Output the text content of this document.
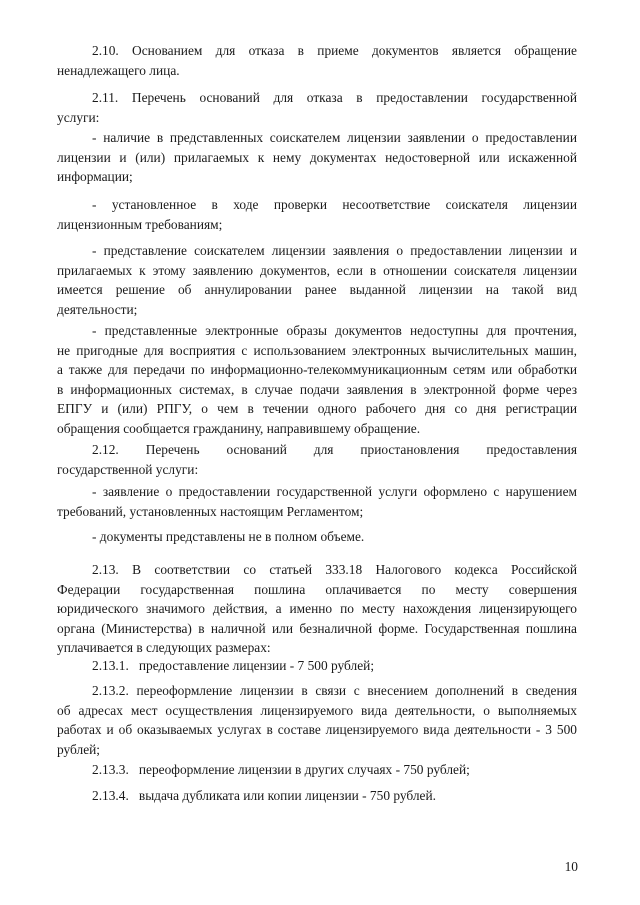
2.10. Основанием для отказа в приеме документов является обращение
ненадлежащего лица.
2.11. Перечень оснований для отказа в предоставлении государственной
услуги:
- наличие в представленных соискателем лицензии заявлении о предоставлении
лицензии и (или) прилагаемых к нему документах недостоверной или искаженной
информации;
- установленное в ходе проверки несоответствие соискателя лицензии
лицензионным требованиям;
- представление соискателем лицензии заявления о предоставлении лицензии и
прилагаемых к этому заявлению документов, если в отношении соискателя лицензии
имеется решение об аннулировании ранее выданной лицензии на такой вид
деятельности;
- представленные электронные образы документов недоступны для прочтения,
не пригодные для восприятия с использованием электронных вычислительных машин,
а также для передачи по информационно-телекоммуникационным сетям или обработки
в информационных системах, в случае подачи заявления в электронной форме через
ЕПГУ и (или) РПГУ, о чем в течении одного рабочего дня со дня регистрации
обращения сообщается гражданину, направившему обращение.
2.12. Перечень оснований для приостановления предоставления
государственной услуги:
- заявление о предоставлении государственной услуги оформлено с нарушением
требований, установленных настоящим Регламентом;
- документы представлены не в полном объеме.
2.13. В соответствии со статьей 333.18 Налогового кодекса Российской
Федерации государственная пошлина оплачивается по месту совершения
юридического значимого действия, а именно по месту нахождения лицензирующего
органа (Министерства) в наличной или безналичной форме. Государственная пошлина
уплачивается в следующих размерах:
2.13.1.   предоставление лицензии - 7 500 рублей;
2.13.2. переоформление лицензии в связи с внесением дополнений в сведения
об адресах мест осуществления лицензируемого вида деятельности, о выполняемых
работах и об оказываемых услугах в составе лицензируемого вида деятельности - 3 500
рублей;
2.13.3.   переоформление лицензии в других случаях - 750 рублей;
2.13.4.   выдача дубликата или копии лицензии - 750 рублей.
10
